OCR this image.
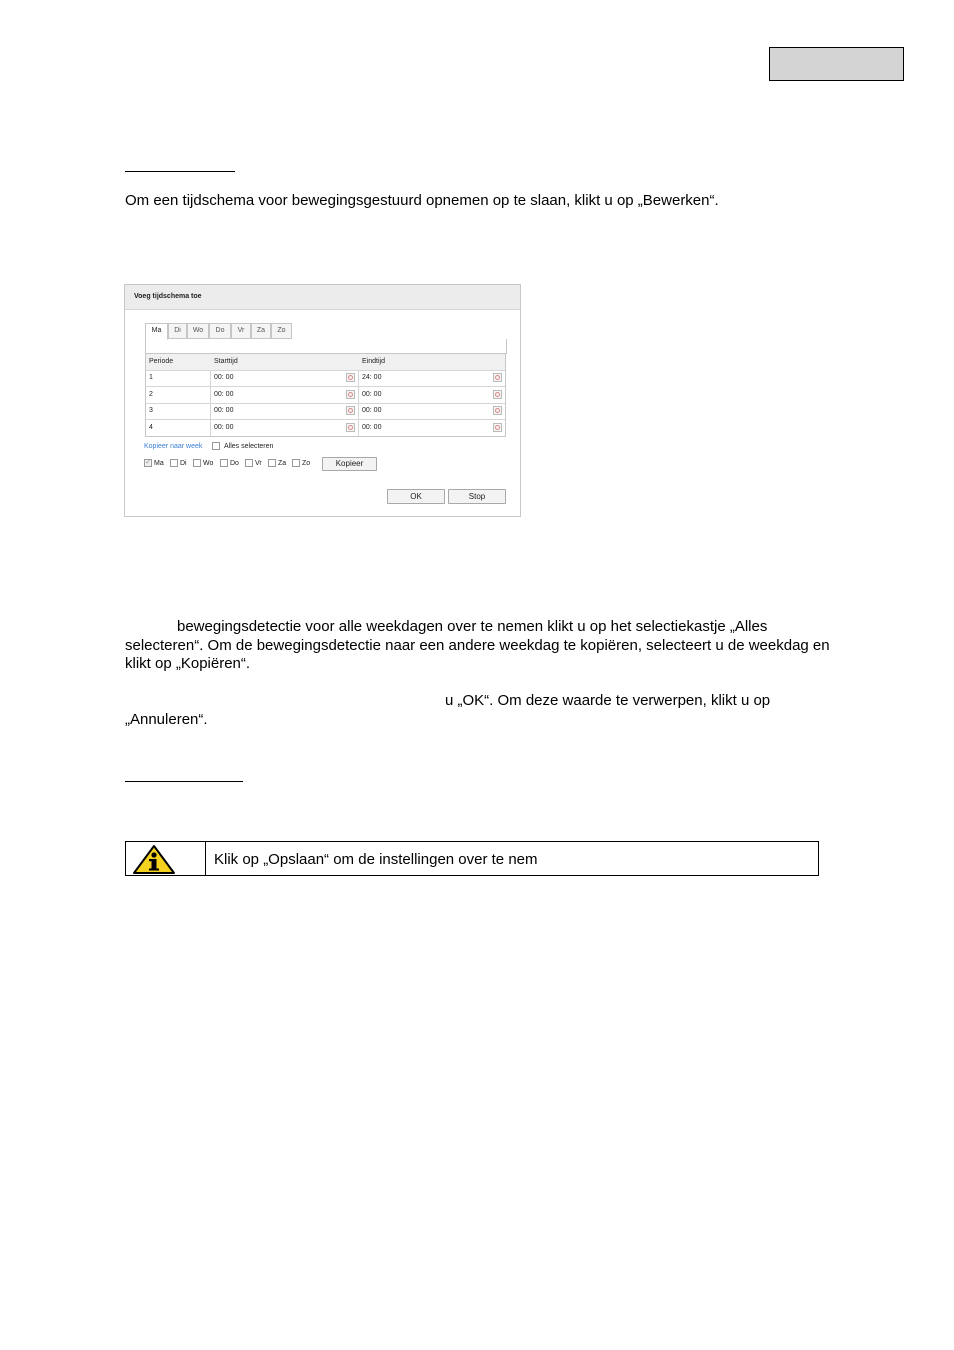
Om een tijdschema voor bewegingsgestuurd opnemen op te slaan, klikt u op „Bewerken“.
Voeg tijdschema toe
Ma	Di	Wo	Do	Vr	Za	Zo
Periode	Starttijd	Eindtijd
1	00: 00	24: 00
2	00: 00	00: 00
3	00: 00	00: 00
4	00: 00	00: 00
Kopieer naar week	Alles selecteren
✓ Ma Di Wo Do Vr Za Zo	Kopieer
OK	Stop
bewegingsdetectie voor alle weekdagen over te nemen klikt u op het selectiekastje „Alles
selecteren“. Om de bewegingsdetectie naar een andere weekdag te kopiëren, selecteert u de weekdag en
klikt op „Kopiëren“.
u „OK“. Om deze waarde te verwerpen, klikt u op
„Annuleren“.
Klik op „Opslaan“ om de instellingen over te nem
